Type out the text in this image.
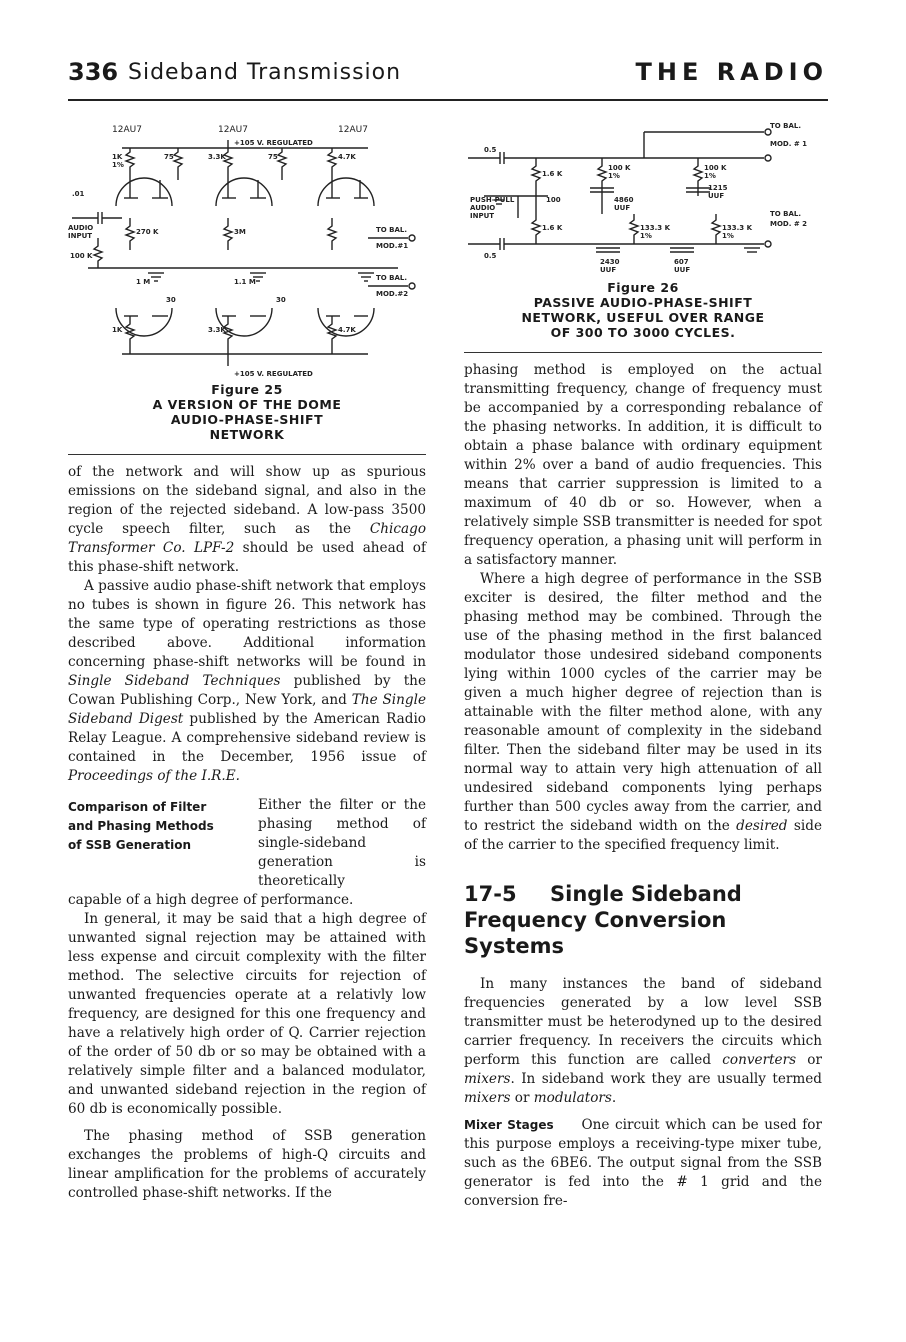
336 Sideband Transmission	THE RADIO
12AU7	12AU7	12AU7
+105 V. REGULATED
1K
1%
75	3.3K	75	4.7K
.01
AUDIO
INPUT	270 K	3M
100 K
TO BAL.
MOD.#1
TO BAL.
MOD.#2
1 M	1.1 M
30	30
1K	3.3K	4.7K
+105 V. REGULATED
Figure 25
A VERSION OF THE DOME
AUDIO-PHASE-SHIFT
NETWORK

of the network and will show up as spurious emissions on the sideband signal, and also in the region of the rejected sideband. A low-pass 3500 cycle speech filter, such as the Chicago Transformer Co. LPF-2 should be used ahead of this phase-shift network.

A passive audio phase-shift network that employs no tubes is shown in figure 26. This network has the same type of operating restrictions as those described above. Additional information concerning phase-shift networks will be found in Single Sideband Techniques published by the Cowan Publishing Corp., New York, and The Single Sideband Digest published by the American Radio Relay League. A comprehensive sideband review is contained in the December, 1956 issue of Proceedings of the I.R.E.

Comparison of Filter
and Phasing Methods
of SSB Generation

Either the filter or the phasing method of single-sideband generation is theoretically

capable of a high degree of performance.

In general, it may be said that a high degree of unwanted signal rejection may be attained with less expense and circuit complexity with the filter method. The selective circuits for rejection of unwanted frequencies operate at a relativly low frequency, are designed for this one frequency and have a relatively high order of Q. Carrier rejection of the order of 50 db or so may be obtained with a relatively simple filter and a balanced modulator, and unwanted sideband rejection in the region of 60 db is economically possible.

The phasing method of SSB generation exchanges the problems of high-Q circuits and linear amplification for the problems of accurately controlled phase-shift networks. If the

0.5
0.5
PUSH-PULL
AUDIO
INPUT
1.6 K
1.6 K
100
100 K
1%
100 K
1%
4860
UUF
1215
UUF
133.3 K
1%
133.3 K
1%
2430
UUF
607
UUF
TO BAL.
MOD. # 1
TO BAL.
MOD. # 2
Figure 26
PASSIVE AUDIO-PHASE-SHIFT
NETWORK, USEFUL OVER RANGE
OF 300 TO 3000 CYCLES.

phasing method is employed on the actual transmitting frequency, change of frequency must be accompanied by a corresponding rebalance of the phasing networks. In addition, it is difficult to obtain a phase balance with ordinary equipment within 2% over a band of audio frequencies. This means that carrier suppression is limited to a maximum of 40 db or so. However, when a relatively simple SSB transmitter is needed for spot frequency operation, a phasing unit will perform in a satisfactory manner.

Where a high degree of performance in the SSB exciter is desired, the filter method and the phasing method may be combined. Through the use of the phasing method in the first balanced modulator those undesired sideband components lying within 1000 cycles of the carrier may be given a much higher degree of rejection than is attainable with the filter method alone, with any reasonable amount of complexity in the sideband filter. Then the sideband filter may be used in its normal way to attain very high attenuation of all undesired sideband components lying perhaps further than 500 cycles away from the carrier, and to restrict the sideband width on the desired side of the carrier to the specified frequency limit.

17-5 Single Sideband
Frequency Conversion Systems

In many instances the band of sideband frequencies generated by a low level SSB transmitter must be heterodyned up to the desired carrier frequency. In receivers the circuits which perform this function are called converters or mixers. In sideband work they are usually termed mixers or modulators.

Mixer Stages One circuit which can be used for this purpose employs a receiving-type mixer tube, such as the 6BE6. The output signal from the SSB generator is fed into the # 1 grid and the conversion fre-
